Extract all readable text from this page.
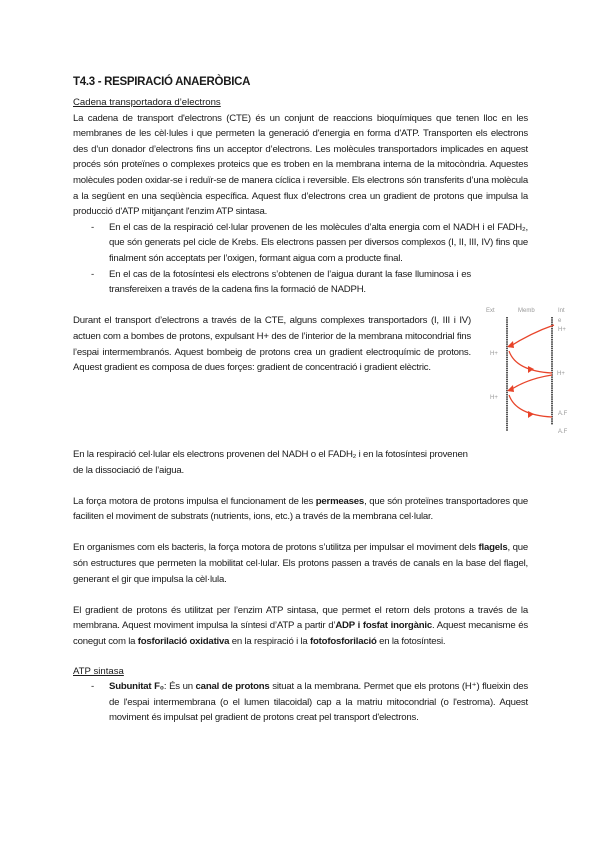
T4.3 - RESPIRACIÓ ANAERÒBICA
Cadena transportadora d’electrons
La cadena de transport d'electrons (CTE) és un conjunt de reaccions bioquímiques que tenen lloc en les membranes de les cèl·lules i que permeten la generació d'energia en forma d'ATP. Transporten els electrons des d’un donador d’electrons fins un acceptor d’electrons. Les molècules transportadors implicades en aquest procés són proteïnes o complexes proteics que es troben en la membrana interna de la mitocòndria. Aquestes molècules poden oxidar-se i reduïr-se de manera cíclica i reversible. Els electrons són transferits d’una molècula a la següent en una seqüència específica. Aquest flux d’electrons crea un gradient de protons que impulsa la producció d'ATP mitjançant l'enzim ATP sintasa.
- En el cas de la respiració cel·lular provenen de les molècules d’alta energia com el NADH i el FADH₂, que són generats pel cicle de Krebs. Els electrons passen per diversos complexos (I, II, III, IV) fins que finalment són acceptats per l’oxigen, formant aigua com a producte final.
- En el cas de la fotosíntesi els electrons s’obtenen de l’aigua durant la fase lluminosa i es transfereixen a través de la cadena fins la formació de NADPH.
Durant el transport d’electrons a través de la CTE, alguns complexes transportadors (I, III i IV) actuen com a bombes de protons, expulsant H+ des de l’interior de la membrana mitocondrial fins l’espai intermembranós. Aquest bombeig de protons crea un gradient electroquímic de protons. Aquest gradient es composa de dues forçes: gradient de concentració i gradient elèctric.
Ext	Memb	Int
H+
H+
H+
H+
e
A.F
A.F
En la respiració cel·lular els electrons provenen del NADH o el FADH₂ i en la fotosíntesi provenen de la dissociació de l’aigua.
La força motora de protons impulsa el funcionament de les permeases, que són proteïnes transportadores que faciliten el moviment de substrats (nutrients, ions, etc.) a través de la membrana cel·lular.
En organismes com els bacteris, la força motora de protons s’utilitza per impulsar el moviment dels flagels, que són estructures que permeten la mobilitat cel·lular. Els protons passen a través de canals en la base del flagel, generant el gir que impulsa la cèl·lula.
El gradient de protons és utilitzat per l’enzim ATP sintasa, que permet el retorn dels protons a través de la membrana. Aquest moviment impulsa la síntesi d’ATP a partir d’ADP i fosfat inorgànic. Aquest mecanisme és conegut com la fosforilació oxidativa en la respiració i la fotofosforilació en la fotosíntesi.
ATP sintasa
- Subunitat F₀: És un canal de protons situat a la membrana. Permet que els protons (H⁺) flueixin des de l'espai intermembrana (o el lumen tilacoidal) cap a la matriu mitocondrial (o l'estroma). Aquest moviment és impulsat pel gradient de protons creat pel transport d'electrons.
